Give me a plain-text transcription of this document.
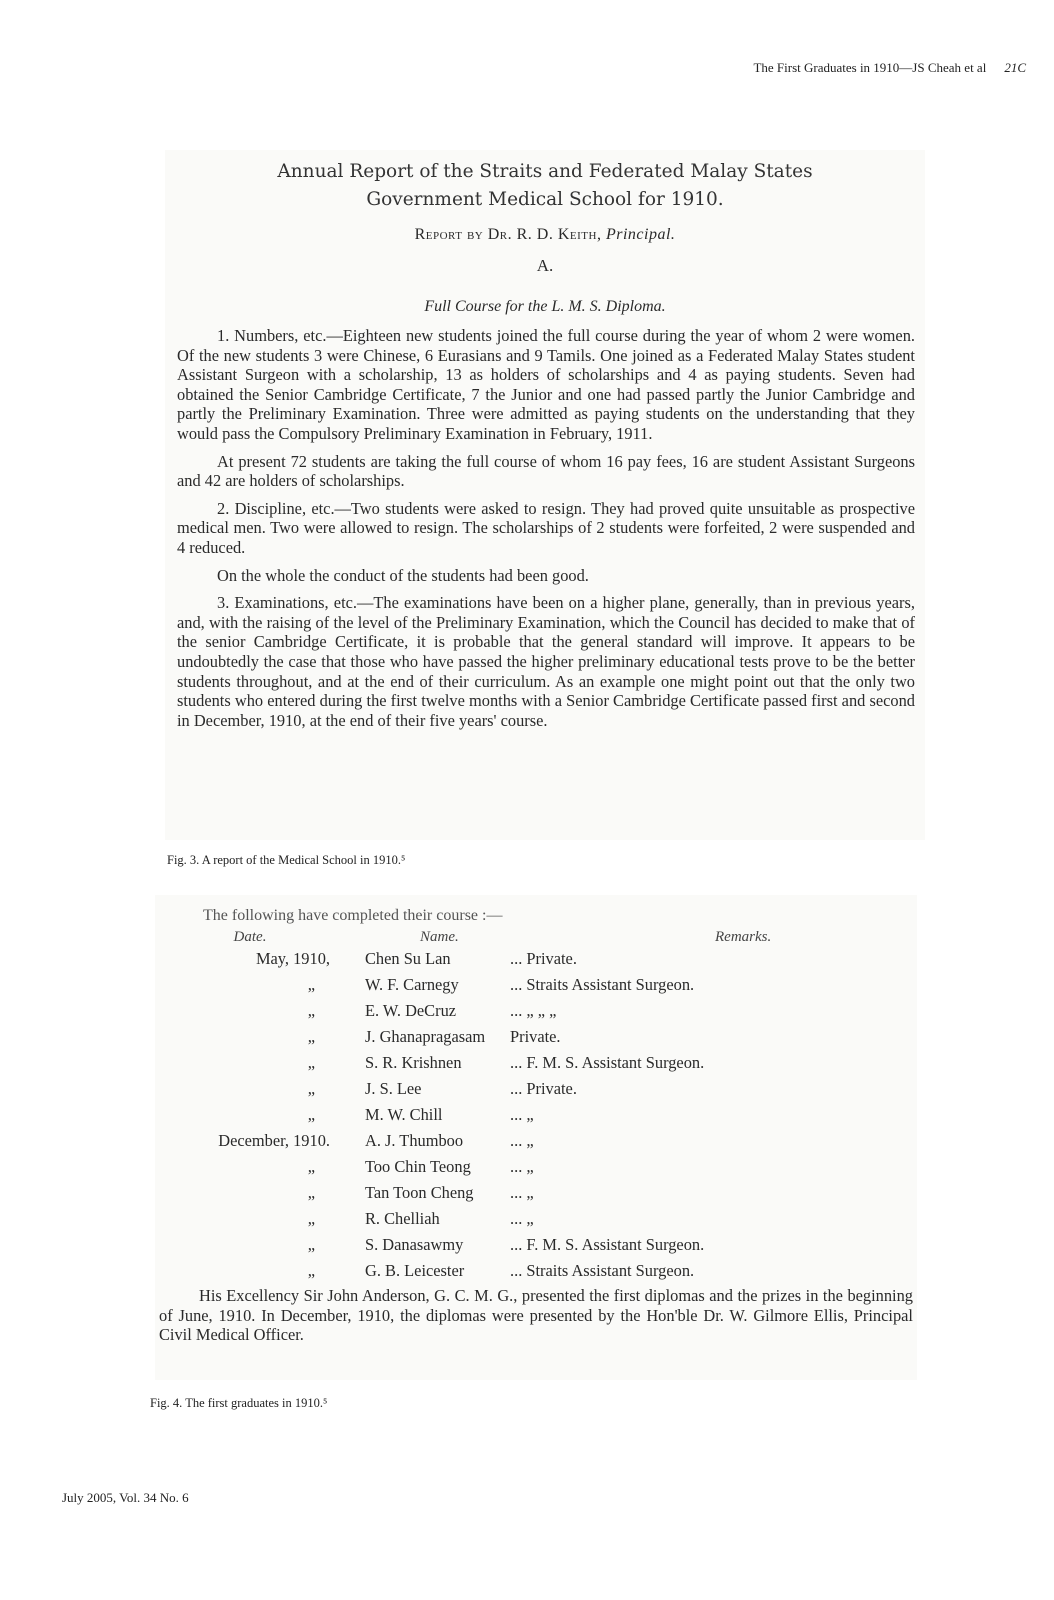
The First Graduates in 1910—JS Cheah et al 21C
Annual Report of the Straits and Federated Malay States
Government Medical School for 1910.
Report by Dr. R. D. Keith, Principal.
A.
Full Course for the L. M. S. Diploma.

1. Numbers, etc.—Eighteen new students joined the full course during the year of whom 2 were women. Of the new students 3 were Chinese, 6 Eurasians and 9 Tamils. One joined as a Federated Malay States student Assistant Surgeon with a scholarship, 13 as holders of scholarships and 4 as paying students. Seven had obtained the Senior Cambridge Certificate, 7 the Junior and one had passed partly the Junior Cambridge and partly the Preliminary Examination. Three were admitted as paying students on the understanding that they would pass the Compulsory Preliminary Examination in February, 1911.

At present 72 students are taking the full course of whom 16 pay fees, 16 are student Assistant Surgeons and 42 are holders of scholarships.

2. Discipline, etc.—Two students were asked to resign. They had proved quite unsuitable as prospective medical men. Two were allowed to resign. The scholarships of 2 students were forfeited, 2 were suspended and 4 reduced.

On the whole the conduct of the students had been good.

3. Examinations, etc.—The examinations have been on a higher plane, generally, than in previous years, and, with the raising of the level of the Preliminary Examination, which the Council has decided to make that of the senior Cambridge Certificate, it is probable that the general standard will improve. It appears to be undoubtedly the case that those who have passed the higher preliminary educational tests prove to be the better students throughout, and at the end of their curriculum. As an example one might point out that the only two students who entered during the first twelve months with a Senior Cambridge Certificate passed first and second in December, 1910, at the end of their five years' course.

Fig. 3. A report of the Medical School in 1910.⁵
The following have completed their course :—
Date.	Name.	Remarks.
May, 1910,	Chen Su Lan	... Private.
„	W. F. Carnegy	... Straits Assistant Surgeon.
„	E. W. DeCruz	... „ „ „
„	J. Ghanapragasam	Private.
„	S. R. Krishnen	... F. M. S. Assistant Surgeon.
„	J. S. Lee	... Private.
„	M. W. Chill	... „
December, 1910.	A. J. Thumboo	... „
„	Too Chin Teong	... „
„	Tan Toon Cheng	... „
„	R. Chelliah	... „
„	S. Danasawmy	... F. M. S. Assistant Surgeon.
„	G. B. Leicester	... Straits Assistant Surgeon.

His Excellency Sir John Anderson, G. C. M. G., presented the first diplomas and the prizes in the beginning of June, 1910. In December, 1910, the diplomas were presented by the Hon'ble Dr. W. Gilmore Ellis, Principal Civil Medical Officer.

Fig. 4. The first graduates in 1910.⁵
July 2005, Vol. 34 No. 6
